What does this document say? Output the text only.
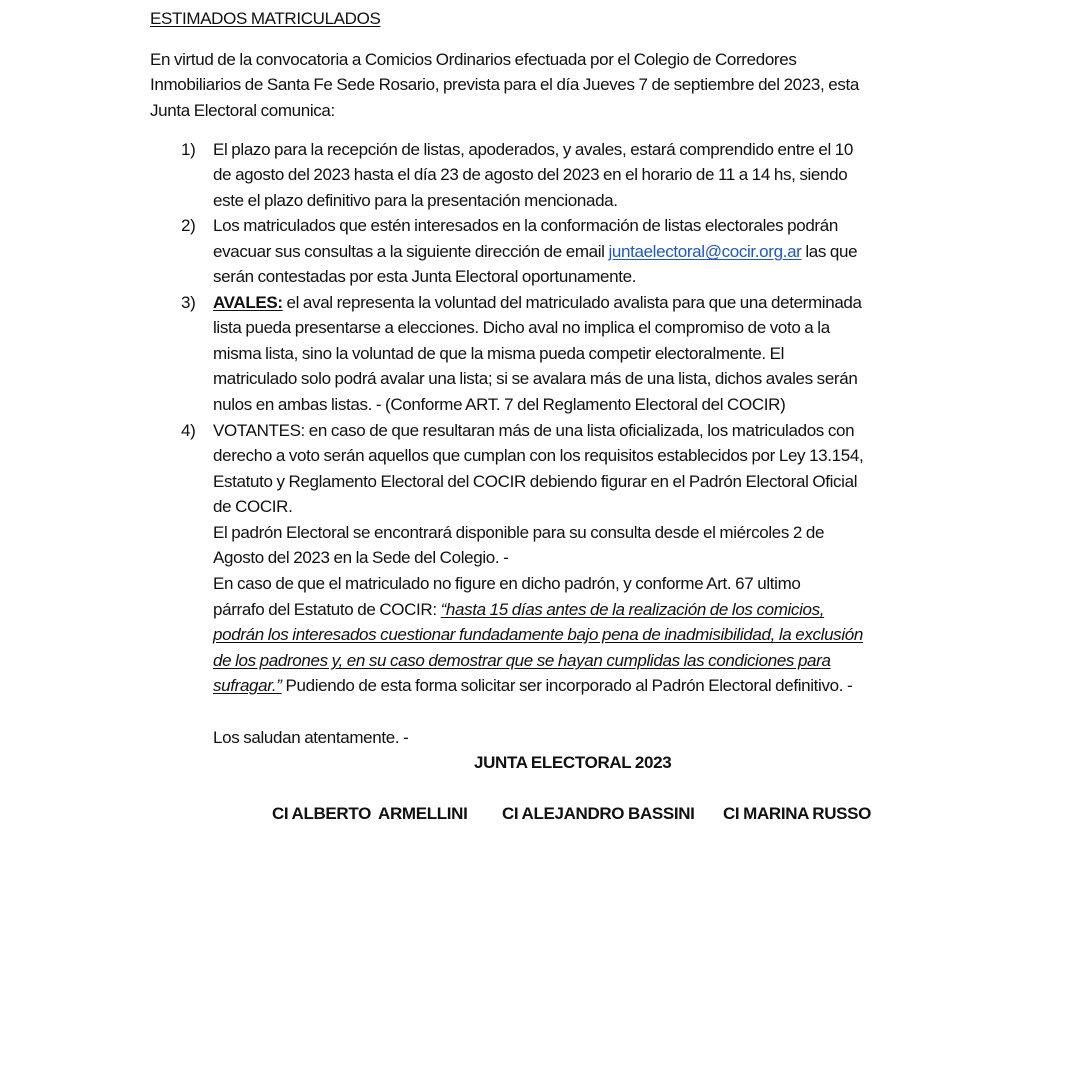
ESTIMADOS MATRICULADOS
En virtud de la convocatoria a Comicios Ordinarios efectuada por el Colegio de Corredores
Inmobiliarios de Santa Fe Sede Rosario, prevista para el día Jueves 7 de septiembre del 2023, esta
Junta Electoral comunica:
1) El plazo para la recepción de listas, apoderados, y avales, estará comprendido entre el 10
de agosto del 2023 hasta el día 23 de agosto del 2023 en el horario de 11 a 14 hs, siendo
este el plazo definitivo para la presentación mencionada.
2) Los matriculados que estén interesados en la conformación de listas electorales podrán
evacuar sus consultas a la siguiente dirección de email juntaelectoral@cocir.org.ar las que
serán contestadas por esta Junta Electoral oportunamente.
3) AVALES: el aval representa la voluntad del matriculado avalista para que una determinada
lista pueda presentarse a elecciones. Dicho aval no implica el compromiso de voto a la
misma lista, sino la voluntad de que la misma pueda competir electoralmente. El
matriculado solo podrá avalar una lista; si se avalara más de una lista, dichos avales serán
nulos en ambas listas. - (Conforme ART. 7 del Reglamento Electoral del COCIR)
4) VOTANTES: en caso de que resultaran más de una lista oficializada, los matriculados con
derecho a voto serán aquellos que cumplan con los requisitos establecidos por Ley 13.154,
Estatuto y Reglamento Electoral del COCIR debiendo figurar en el Padrón Electoral Oficial
de COCIR.
El padrón Electoral se encontrará disponible para su consulta desde el miércoles 2 de
Agosto del 2023 en la Sede del Colegio. -
En caso de que el matriculado no figure en dicho padrón, y conforme Art. 67 ultimo
párrafo del Estatuto de COCIR: “hasta 15 días antes de la realización de los comicios,
podrán los interesados cuestionar fundadamente bajo pena de inadmisibilidad, la exclusión
de los padrones y, en su caso demostrar que se hayan cumplidas las condiciones para
sufragar.” Pudiendo de esta forma solicitar ser incorporado al Padrón Electoral definitivo. -
Los saludan atentamente. -
JUNTA ELECTORAL 2023
CI ALBERTO  ARMELLINI CI ALEJANDRO BASSINI CI MARINA RUSSO
